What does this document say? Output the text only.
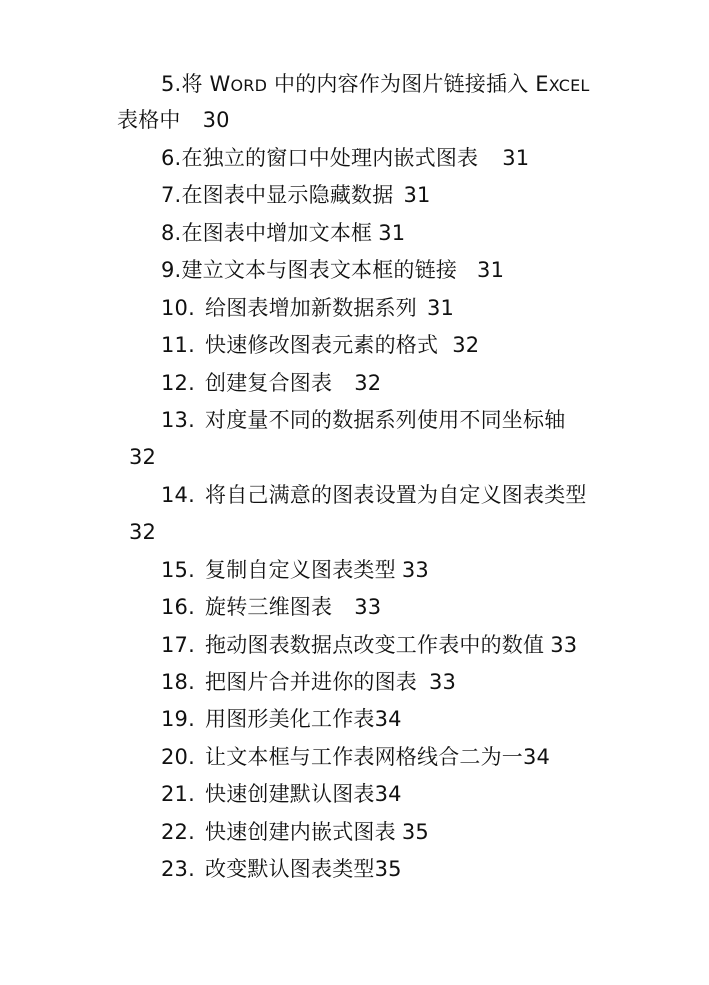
5.将 WORD 中的内容作为图片链接插入 EXCEL
表格中 30
6.在独立的窗口中处理内嵌式图表 31
7.在图表中显示隐藏数据 31
8.在图表中增加文本框 31
9.建立文本与图表文本框的链接 31
10. 给图表增加新数据系列 31
11. 快速修改图表元素的格式 32
12. 创建复合图表 32
13. 对度量不同的数据系列使用不同坐标轴
32
14. 将自己满意的图表设置为自定义图表类型
32
15. 复制自定义图表类型 33
16. 旋转三维图表 33
17. 拖动图表数据点改变工作表中的数值 33
18. 把图片合并进你的图表 33
19. 用图形美化工作表34
20. 让文本框与工作表网格线合二为一34
21. 快速创建默认图表34
22. 快速创建内嵌式图表 35
23. 改变默认图表类型35
